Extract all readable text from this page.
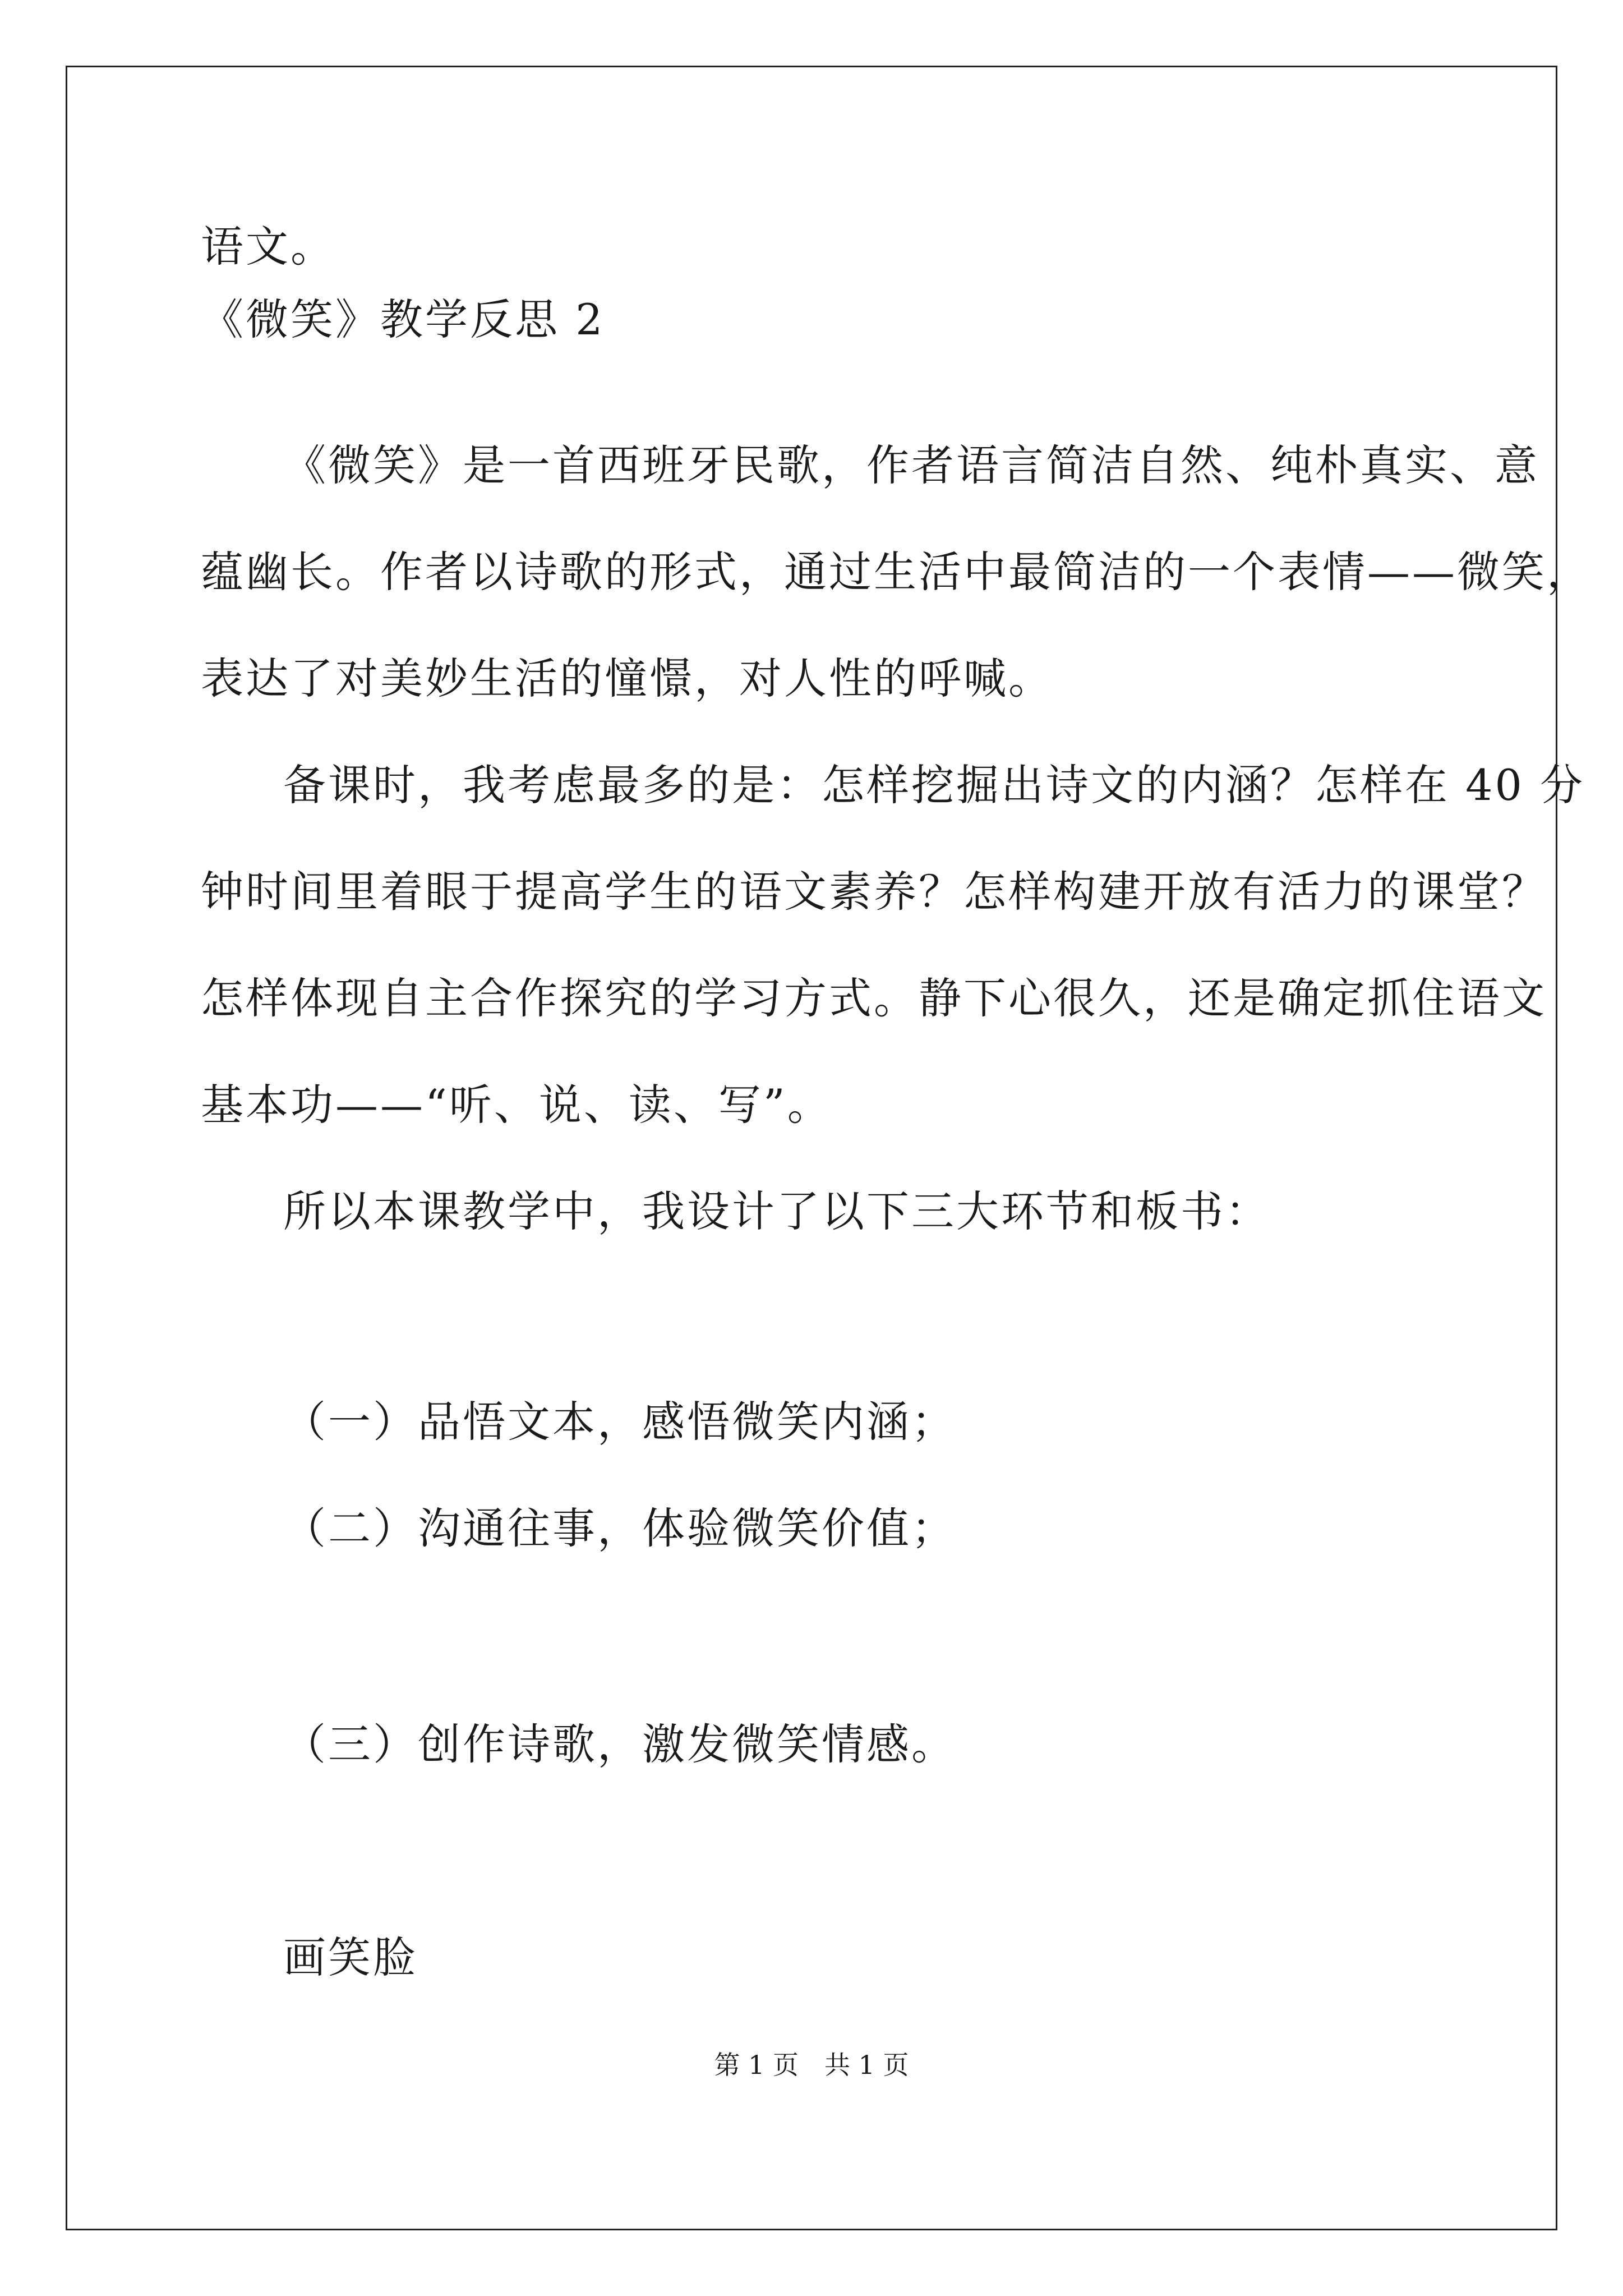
语文。
《微笑》教学反思 2
《微笑》是一首西班牙民歌，作者语言简洁自然、纯朴真实、意
蕴幽长。作者以诗歌的形式，通过生活中最简洁的一个表情——微笑，
表达了对美妙生活的憧憬，对人性的呼喊。
备课时，我考虑最多的是：怎样挖掘出诗文的内涵？怎样在 40 分
钟时间里着眼于提高学生的语文素养？怎样构建开放有活力的课堂？
怎样体现自主合作探究的学习方式。静下心很久，还是确定抓住语文
基本功——“听、说、读、写”。
所以本课教学中，我设计了以下三大环节和板书：
（一）品悟文本，感悟微笑内涵；
（二）沟通往事，体验微笑价值；
（三）创作诗歌，激发微笑情感。
画笑脸
第 1 页　共 1 页
